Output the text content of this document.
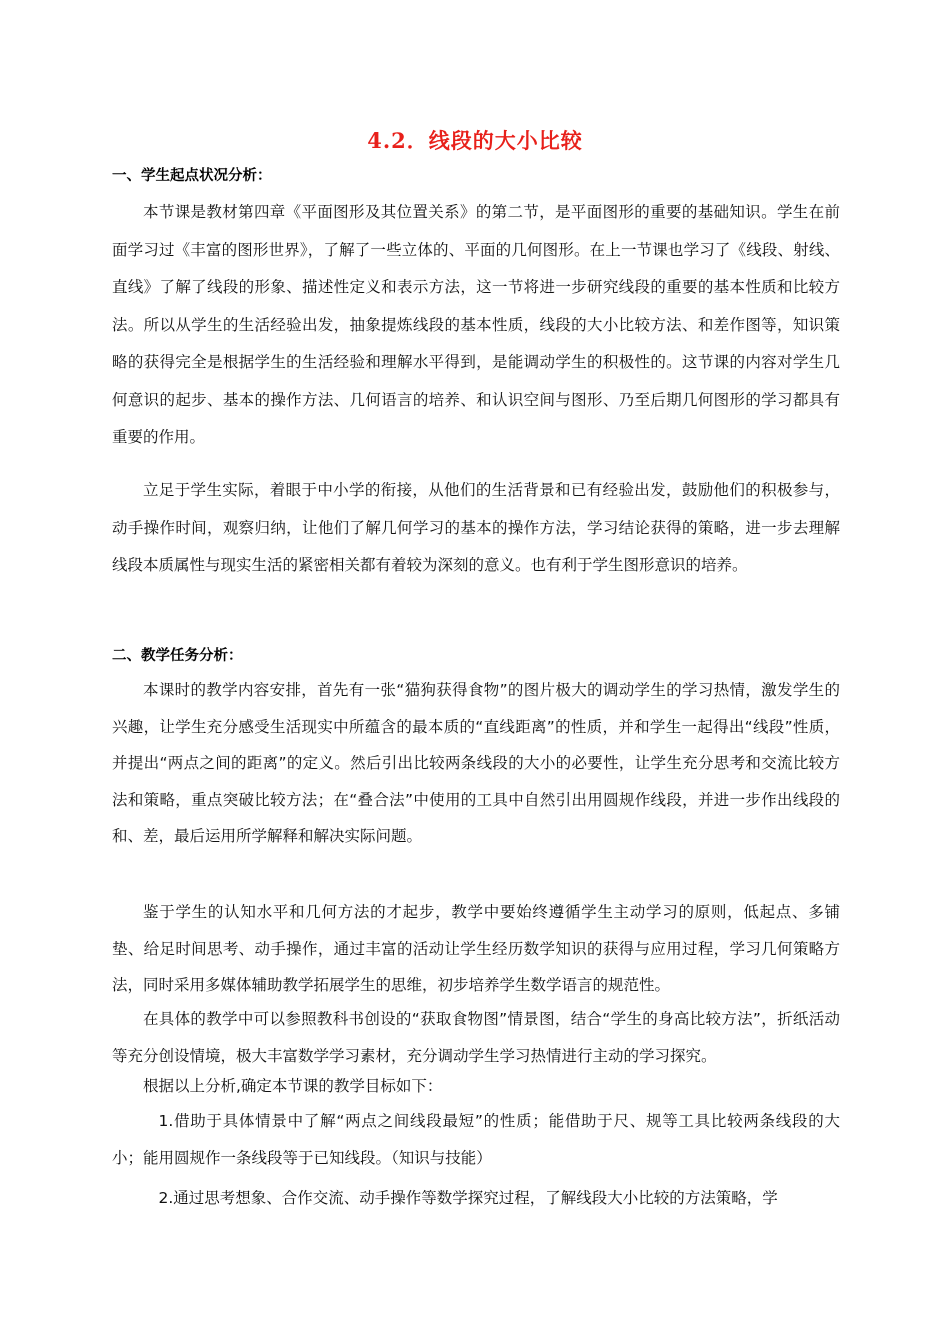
4.2．线段的大小比较
一、学生起点状况分析：
本节课是教材第四章《平面图形及其位置关系》的第二节，是平面图形的重要的基础知识。学生在前面学习过《丰富的图形世界》，了解了一些立体的、平面的几何图形。在上一节课也学习了《线段、射线、直线》了解了线段的形象、描述性定义和表示方法，这一节将进一步研究线段的重要的基本性质和比较方法。所以从学生的生活经验出发，抽象提炼线段的基本性质，线段的大小比较方法、和差作图等，知识策略的获得完全是根据学生的生活经验和理解水平得到，是能调动学生的积极性的。这节课的内容对学生几何意识的起步、基本的操作方法、几何语言的培养、和认识空间与图形、乃至后期几何图形的学习都具有重要的作用。
立足于学生实际，着眼于中小学的衔接，从他们的生活背景和已有经验出发，鼓励他们的积极参与，动手操作时间，观察归纳，让他们了解几何学习的基本的操作方法，学习结论获得的策略，进一步去理解线段本质属性与现实生活的紧密相关都有着较为深刻的意义。也有利于学生图形意识的培养。
二、教学任务分析：
本课时的教学内容安排，首先有一张“猫狗获得食物”的图片极大的调动学生的学习热情，激发学生的兴趣，让学生充分感受生活现实中所蕴含的最本质的“直线距离”的性质，并和学生一起得出“线段”性质，并提出“两点之间的距离”的定义。然后引出比较两条线段的大小的必要性，让学生充分思考和交流比较方法和策略，重点突破比较方法；在“叠合法”中使用的工具中自然引出用圆规作线段，并进一步作出线段的和、差，最后运用所学解释和解决实际问题。
鉴于学生的认知水平和几何方法的才起步，教学中要始终遵循学生主动学习的原则，低起点、多铺垫、给足时间思考、动手操作，通过丰富的活动让学生经历数学知识的获得与应用过程，学习几何策略方法，同时采用多媒体辅助教学拓展学生的思维，初步培养学生数学语言的规范性。
在具体的教学中可以参照教科书创设的“获取食物图”情景图，结合“学生的身高比较方法”，折纸活动等充分创设情境，极大丰富数学学习素材，充分调动学生学习热情进行主动的学习探究。
根据以上分析,确定本节课的教学目标如下：
1.借助于具体情景中了解“两点之间线段最短”的性质；能借助于尺、规等工具比较两条线段的大小；能用圆规作一条线段等于已知线段。（知识与技能）
2.通过思考想象、合作交流、动手操作等数学探究过程，了解线段大小比较的方法策略，学
